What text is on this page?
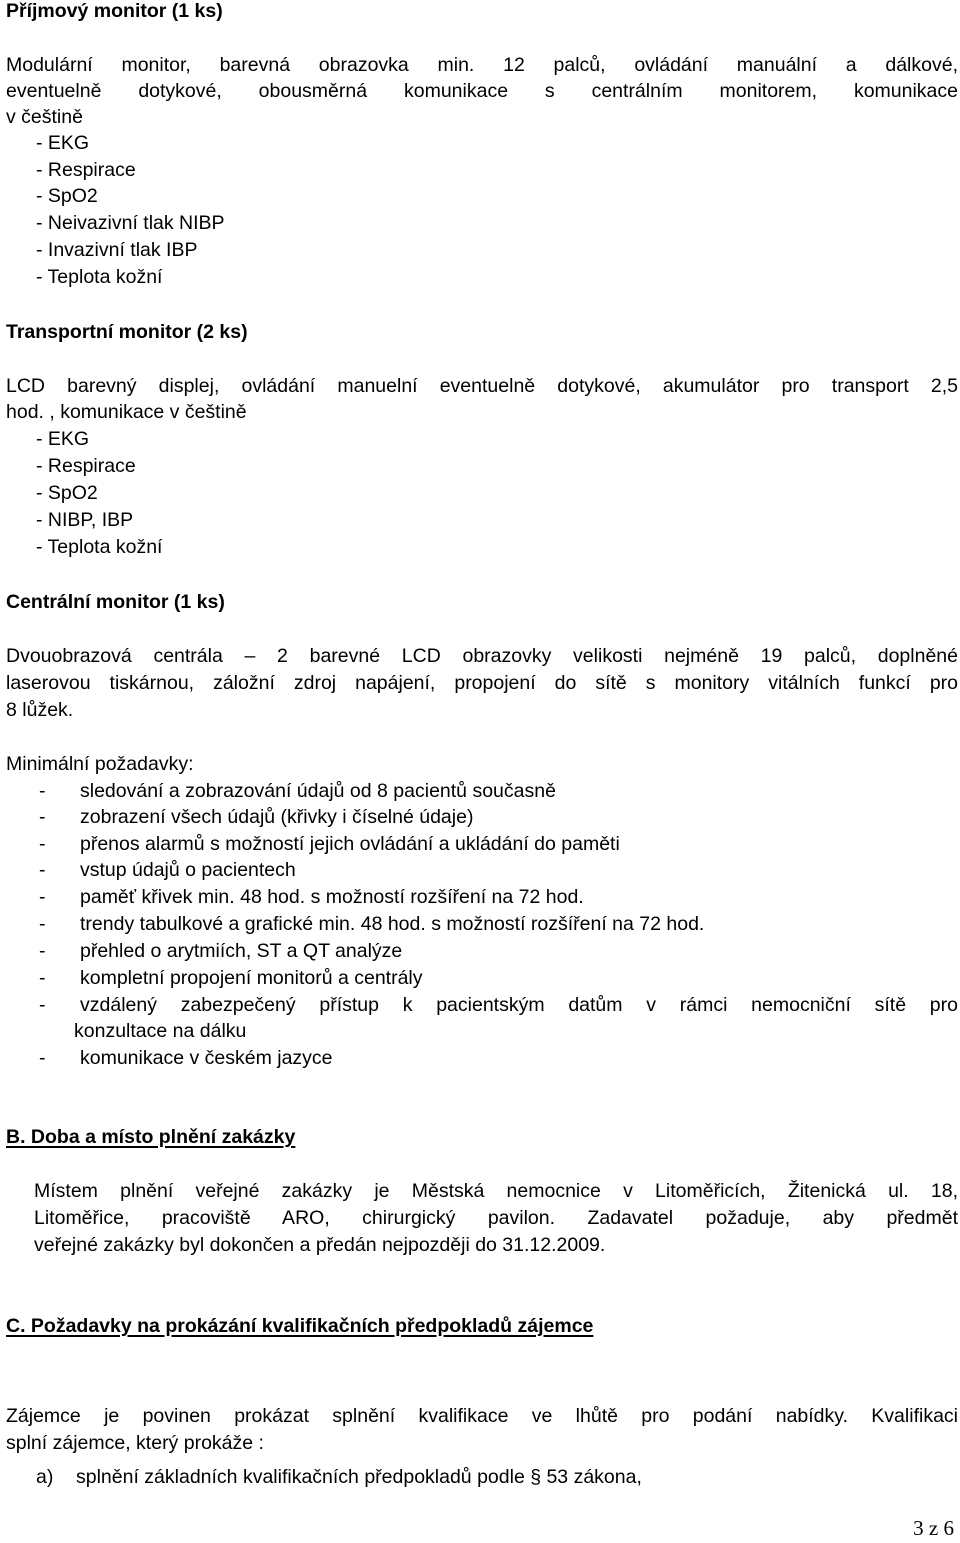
Příjmový monitor (1 ks)
Modulární monitor, barevná obrazovka min. 12 palců, ovládání manuální a dálkové,
eventuelně dotykové, obousměrná komunikace s centrálním monitorem, komunikace
v češtině
- EKG
- Respirace
- SpO2
- Neivazivní tlak NIBP
- Invazivní tlak IBP
- Teplota kožní
Transportní monitor (2 ks)
LCD barevný displej, ovládání manuelní eventuelně dotykové, akumulátor pro transport 2,5
hod. , komunikace v češtině
- EKG
- Respirace
- SpO2
- NIBP, IBP
- Teplota kožní
Centrální monitor (1 ks)
Dvouobrazová centrála – 2 barevné LCD obrazovky velikosti nejméně 19 palců, doplněné
laserovou tiskárnou, záložní zdroj napájení, propojení do sítě s monitory vitálních funkcí pro
8 lůžek.
Minimální požadavky:
- sledování a zobrazování údajů od 8 pacientů současně
- zobrazení všech údajů (křivky i číselné údaje)
- přenos alarmů s možností jejich ovládání a ukládání do paměti
- vstup údajů o pacientech
- paměť křivek min. 48 hod. s možností rozšíření na 72 hod.
- trendy tabulkové a grafické min. 48 hod. s možností rozšíření na 72 hod.
- přehled o arytmiích, ST a QT analýze
- kompletní propojení monitorů a centrály
- vzdálený zabezpečený přístup k pacientským datům v rámci nemocniční sítě pro
konzultace na dálku
- komunikace v českém jazyce
B. Doba a místo plnění zakázky
Místem plnění veřejné zakázky je Městská nemocnice v Litoměřicích, Žitenická ul. 18,
Litoměřice, pracoviště ARO, chirurgický pavilon. Zadavatel požaduje, aby předmět
veřejné zakázky byl dokončen a předán nejpozději do 31.12.2009.
C. Požadavky na prokázání kvalifikačních předpokladů zájemce
Zájemce je povinen prokázat splnění kvalifikace ve lhůtě pro podání nabídky. Kvalifikaci
splní zájemce, který prokáže :
a) splnění základních kvalifikačních předpokladů podle § 53 zákona,
3 z 6
